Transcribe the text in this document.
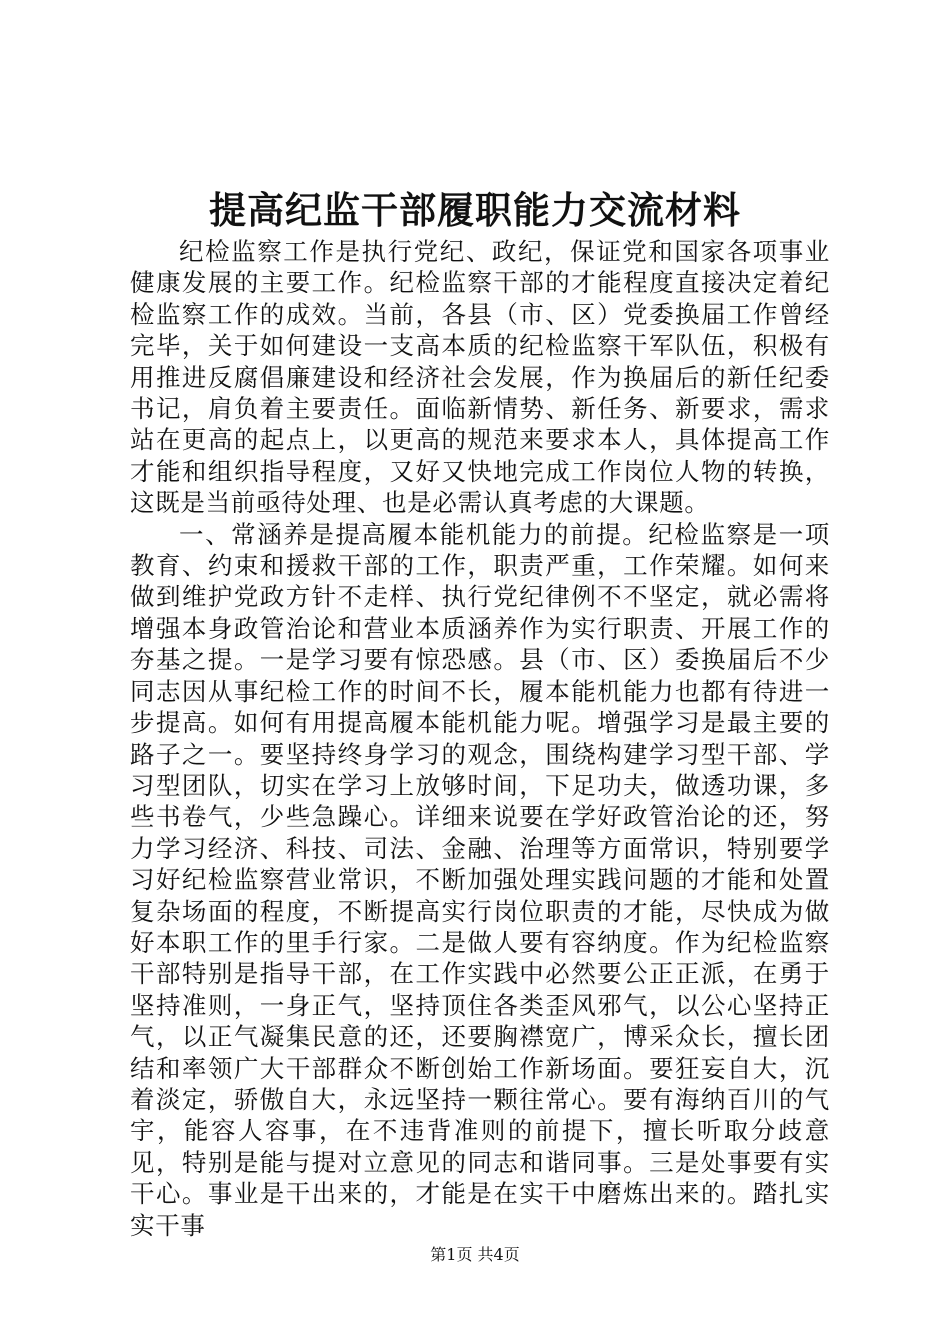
提高纪监干部履职能力交流材料

纪检监察工作是执行党纪、政纪，保证党和国家各项事业健康发展的主要工作。纪检监察干部的才能程度直接决定着纪检监察工作的成效。当前，各县（市、区）党委换届工作曾经完毕，关于如何建设一支高本质的纪检监察干军队伍，积极有用推进反腐倡廉建设和经济社会发展，作为换届后的新任纪委书记，肩负着主要责任。面临新情势、新任务、新要求，需求站在更高的起点上，以更高的规范来要求本人，具体提高工作才能和组织指导程度，又好又快地完成工作岗位人物的转换，这既是当前亟待处理、也是必需认真考虑的大课题。

一、常涵养是提高履本能机能力的前提。纪检监察是一项教育、约束和援救干部的工作，职责严重，工作荣耀。如何来做到维护党政方针不走样、执行党纪律例不不坚定，就必需将增强本身政管治论和营业本质涵养作为实行职责、开展工作的夯基之提。一是学习要有惊恐感。县（市、区）委换届后不少同志因从事纪检工作的时间不长，履本能机能力也都有待进一步提高。如何有用提高履本能机能力呢。增强学习是最主要的路子之一。要坚持终身学习的观念，围绕构建学习型干部、学习型团队，切实在学习上放够时间，下足功夫，做透功课，多些书卷气，少些急躁心。详细来说要在学好政管治论的还，努力学习经济、科技、司法、金融、治理等方面常识，特别要学习好纪检监察营业常识，不断加强处理实践问题的才能和处置复杂场面的程度，不断提高实行岗位职责的才能，尽快成为做好本职工作的里手行家。二是做人要有容纳度。作为纪检监察干部特别是指导干部，在工作实践中必然要公正正派，在勇于坚持准则，一身正气，坚持顶住各类歪风邪气，以公心坚持正气，以正气凝集民意的还，还要胸襟宽广，博采众长，擅长团结和率领广大干部群众不断创始工作新场面。要狂妄自大，沉着淡定，骄傲自大，永远坚持一颗往常心。要有海纳百川的气宇，能容人容事，在不违背准则的前提下，擅长听取分歧意见，特别是能与提对立意见的同志和谐同事。三是处事要有实干心。事业是干出来的，才能是在实干中磨炼出来的。踏扎实实干事

第1页 共4页
